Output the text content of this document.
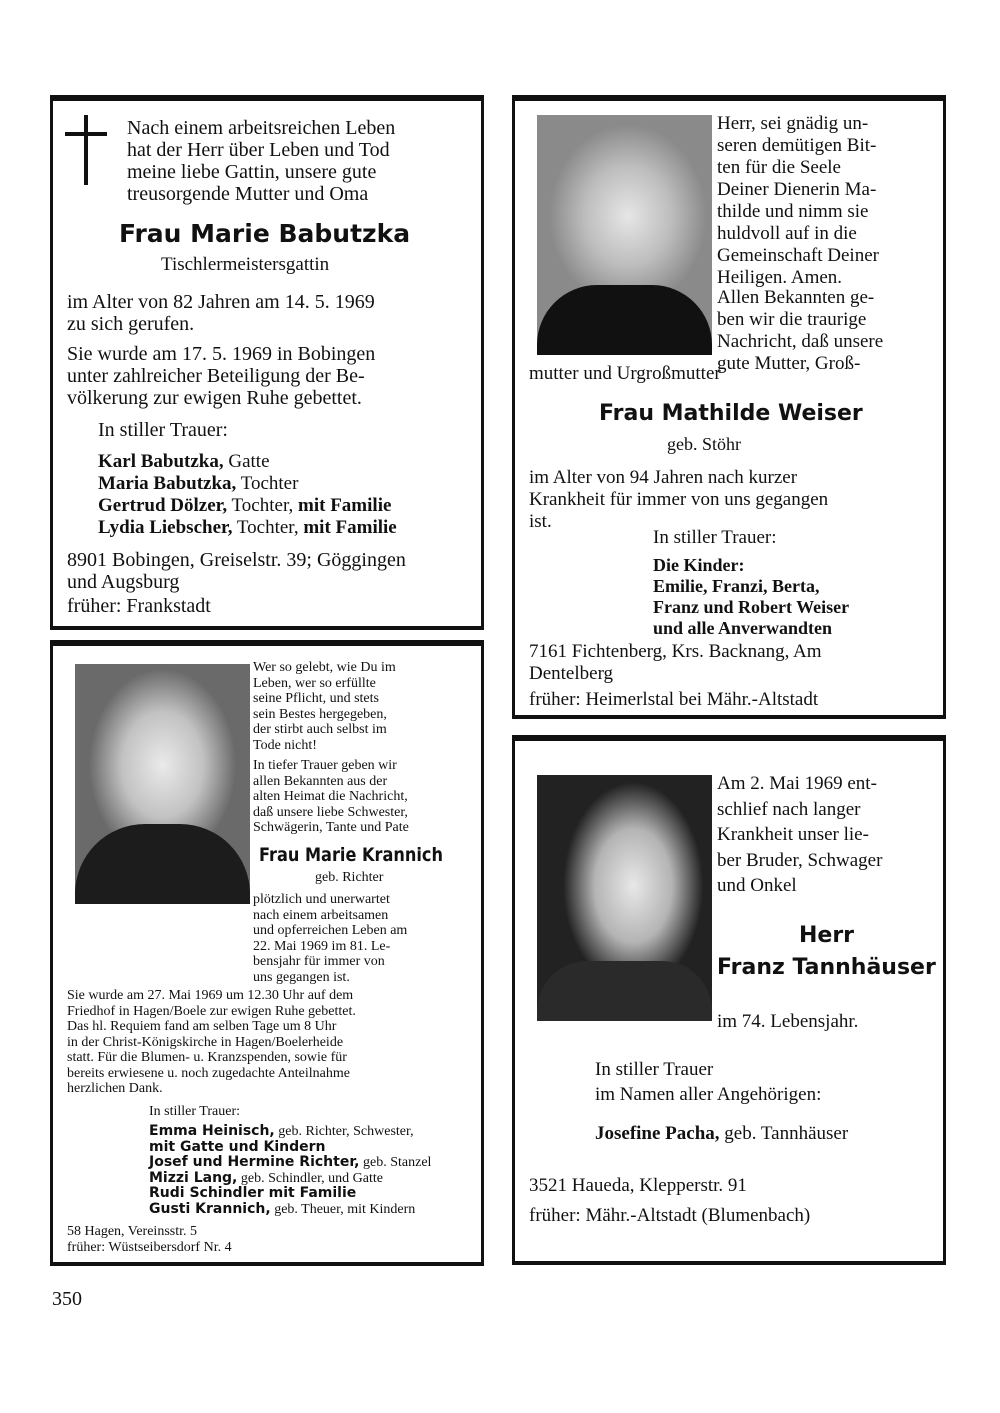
Nach einem arbeitsreichen Leben
hat der Herr über Leben und Tod
meine liebe Gattin, unsere gute
treusorgende Mutter und Oma
Frau Marie Babutzka
Tischlermeistersgattin
im Alter von 82 Jahren am 14. 5. 1969
zu sich gerufen.
Sie wurde am 17. 5. 1969 in Bobingen
unter zahlreicher Beteiligung der Be-
völkerung zur ewigen Ruhe gebettet.
In stiller Trauer:
Karl Babutzka, Gatte
Maria Babutzka, Tochter
Gertrud Dölzer, Tochter, mit Familie
Lydia Liebscher, Tochter, mit Familie
8901 Bobingen, Greiselstr. 39; Gögging​en
und Augsburg
früher: Frankstadt
Herr, sei gnädig un-
seren demütigen Bit-
ten für die Seele
Deiner Dienerin Ma-
thilde und nimm sie
huldvoll auf in die
Gemeinschaft Deiner
Heiligen. Amen.
Allen Bekannten ge-
ben wir die traurige
Nachricht, daß unsere
gute Mutter, Groß-
mutter und Urgroßmutter
Frau Mathilde Weiser
geb. Stöhr
im Alter von 94 Jahren nach kurzer
Krankheit für immer von uns gegangen
ist.
In stiller Trauer:
Die Kinder:
Emilie, Franzi, Berta,
Franz und Robert Weiser
und alle Anverwandten
7161 Fichtenberg, Krs. Backnang, Am
Dentelberg
früher: Heimerlstal bei Mähr.-Altstadt
Wer so gelebt, wie Du im
Leben, wer so erfüllte
seine Pflicht, und stets
sein Bestes hergegeben,
der stirbt auch selbst im
Tode nicht!
In tiefer Trauer geben wir
allen Bekannten aus der
alten Heimat die Nachricht,
daß unsere liebe Schwester,
Schwägerin, Tante und Pate
Frau Marie Krannich
geb. Richter
plötzlich und unerwartet
nach einem arbeitsamen
und opferreichen Leben am
22. Mai 1969 im 81. Le-
bensjahr für immer von
uns gegangen ist.
Sie wurde am 27. Mai 1969 um 12.30 Uhr auf dem
Friedhof in Hagen/Boele zur ewigen Ruhe gebettet.
Das hl. Requiem fand am selben Tage um 8 Uhr
in der Christ-Königskirche in Hagen/Boelerheide
statt. Für die Blumen- u. Kranzspenden, sowie für
bereits erwiesene u. noch zugedachte Anteilnahme
herzlichen Dank.
In stiller Trauer:
Emma Heinisch, geb. Richter, Schwester,
mit Gatte und Kindern
Josef und Hermine Richter, geb. Stanzel
Mizzi Lang, geb. Schindler, und Gatte
Rudi Schindler mit Familie
Gusti Krannich, geb. Theuer, mit Kindern
58 Hagen, Vereinsstr. 5
früher: Wüstseibersdorf Nr. 4
Am 2. Mai 1969 ent-
schlief nach langer
Krankheit unser lie-
ber Bruder, Schwager
und Onkel
Herr
Franz Tannhäuser
im 74. Lebensjahr.
In stiller Trauer
im Namen aller Angehörigen:
Josefine Pacha, geb. Tannhäuser
3521 Haueda, Klepperstr. 91
früher: Mähr.-Altstadt (Blumenbach)
350
